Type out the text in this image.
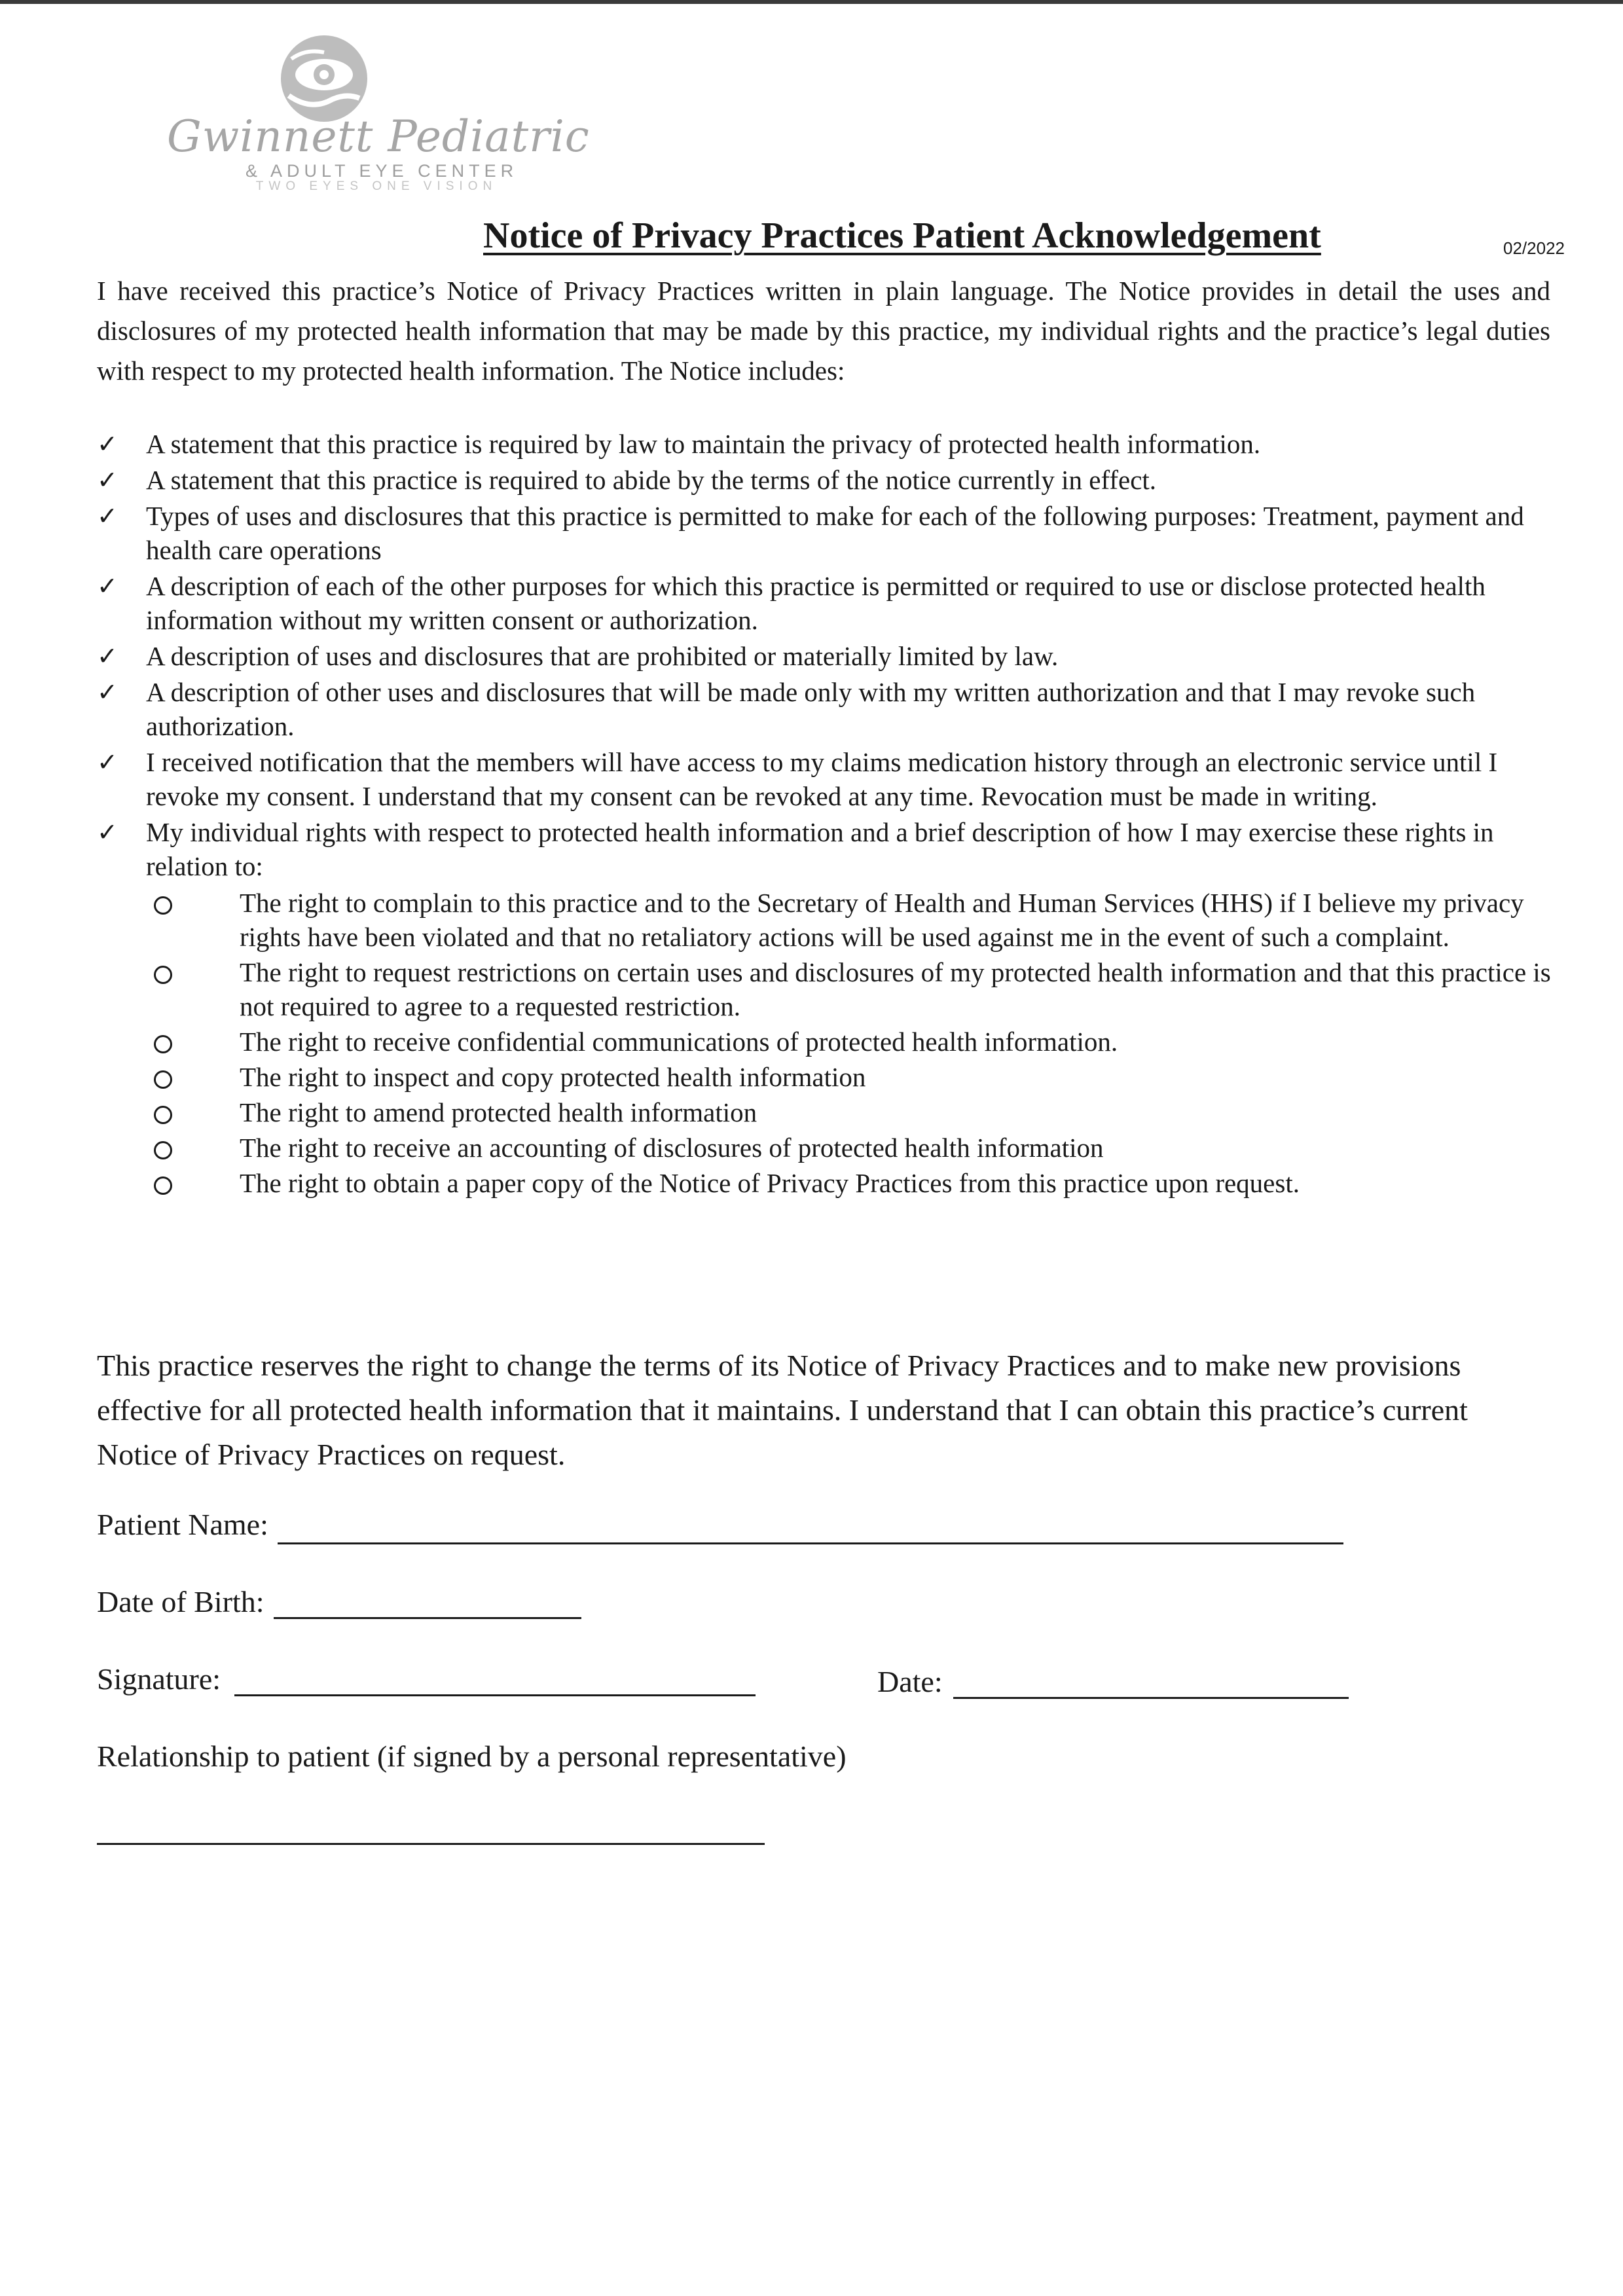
Gwinnett Pediatric
& ADULT EYE CENTER
TWO EYES ONE VISION
Notice of Privacy Practices Patient Acknowledgement	02/2022

I have received this practice’s Notice of Privacy Practices written in plain language. The Notice provides in detail the uses and disclosures of my protected health information that may be made by this practice, my individual rights and the practice’s legal duties with respect to my protected health information. The Notice includes:

✓	A statement that this practice is required by law to maintain the privacy of protected health information.
✓	A statement that this practice is required to abide by the terms of the notice currently in effect.
✓	Types of uses and disclosures that this practice is permitted to make for each of the following purposes: Treatment, payment and health care operations
✓	A description of each of the other purposes for which this practice is permitted or required to use or disclose protected health information without my written consent or authorization.
✓	A description of uses and disclosures that are prohibited or materially limited by law.
✓	A description of other uses and disclosures that will be made only with my written authorization and that I may revoke such authorization.
✓	I received notification that the members will have access to my claims medication history through an electronic service until I revoke my consent. I understand that my consent can be revoked at any time. Revocation must be made in writing.
✓	My individual rights with respect to protected health information and a brief description of how I may exercise these rights in relation to:
The right to complain to this practice and to the Secretary of Health and Human Services (HHS) if I believe my privacy rights have been violated and that no retaliatory actions will be used against me in the event of such a complaint.
The right to request restrictions on certain uses and disclosures of my protected health information and that this practice is not required to agree to a requested restriction.
The right to receive confidential communications of protected health information.
The right to inspect and copy protected health information
The right to amend protected health information
The right to receive an accounting of disclosures of protected health information
The right to obtain a paper copy of the Notice of Privacy Practices from this practice upon request.

This practice reserves the right to change the terms of its Notice of Privacy Practices and to make new provisions effective for all protected health information that it maintains. I understand that I can obtain this practice’s current Notice of Privacy Practices on request.

Patient Name:
Date of Birth:
Signature:	Date:
Relationship to patient (if signed by a personal representative)
